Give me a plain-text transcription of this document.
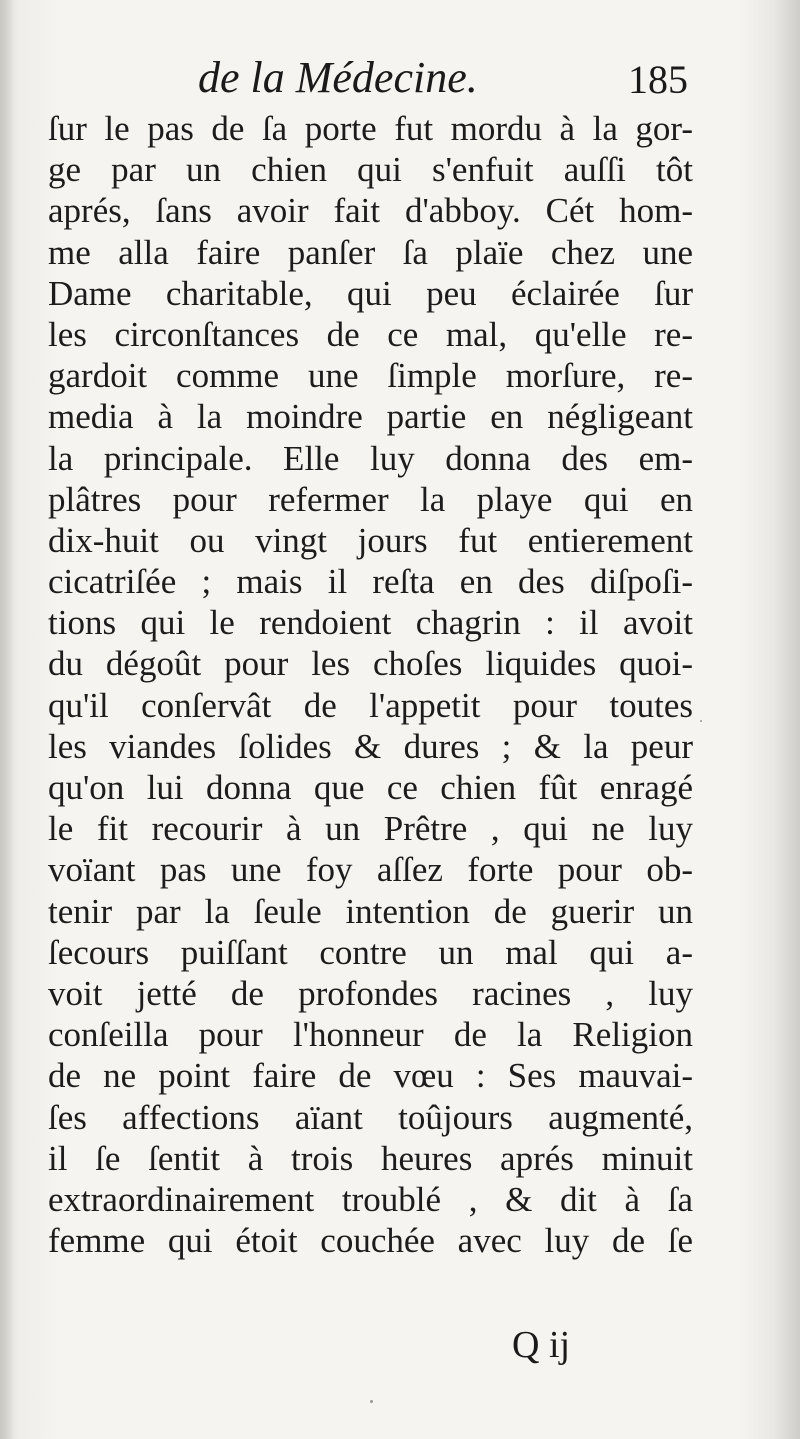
de la Médecine.	185
ſur le pas de ſa porte fut mordu à la gor-
ge par un chien qui s'enfuit auſſi tôt
aprés, ſans avoir fait d'abboy. Cét hom-
me alla faire panſer ſa plaïe chez une
Dame charitable, qui peu éclairée ſur
les circonſtances de ce mal, qu'elle re-
gardoit comme une ſimple morſure, re-
media à la moindre partie en négligeant
la principale. Elle luy donna des em-
plâtres pour refermer la playe qui en
dix-huit ou vingt jours fut entierement
cicatriſée ; mais il reſta en des diſpoſi-
tions qui le rendoient chagrin : il avoit
du dégoût pour les choſes liquides quoi-
qu'il conſervât de l'appetit pour toutes
les viandes ſolides & dures ; & la peur
qu'on lui donna que ce chien fût enragé
le fit recourir à un Prêtre , qui ne luy
voïant pas une foy aſſez forte pour ob-
tenir par la ſeule intention de guerir un
ſecours puiſſant contre un mal qui a-
voit jetté de profondes racines , luy
conſeilla pour l'honneur de la Religion
de ne point faire de vœu : Ses mauvai-
ſes affections aïant toûjours augmenté,
il ſe ſentit à trois heures aprés minuit
extraordinairement troublé , & dit à ſa
femme qui étoit couchée avec luy de ſe
Q ij
